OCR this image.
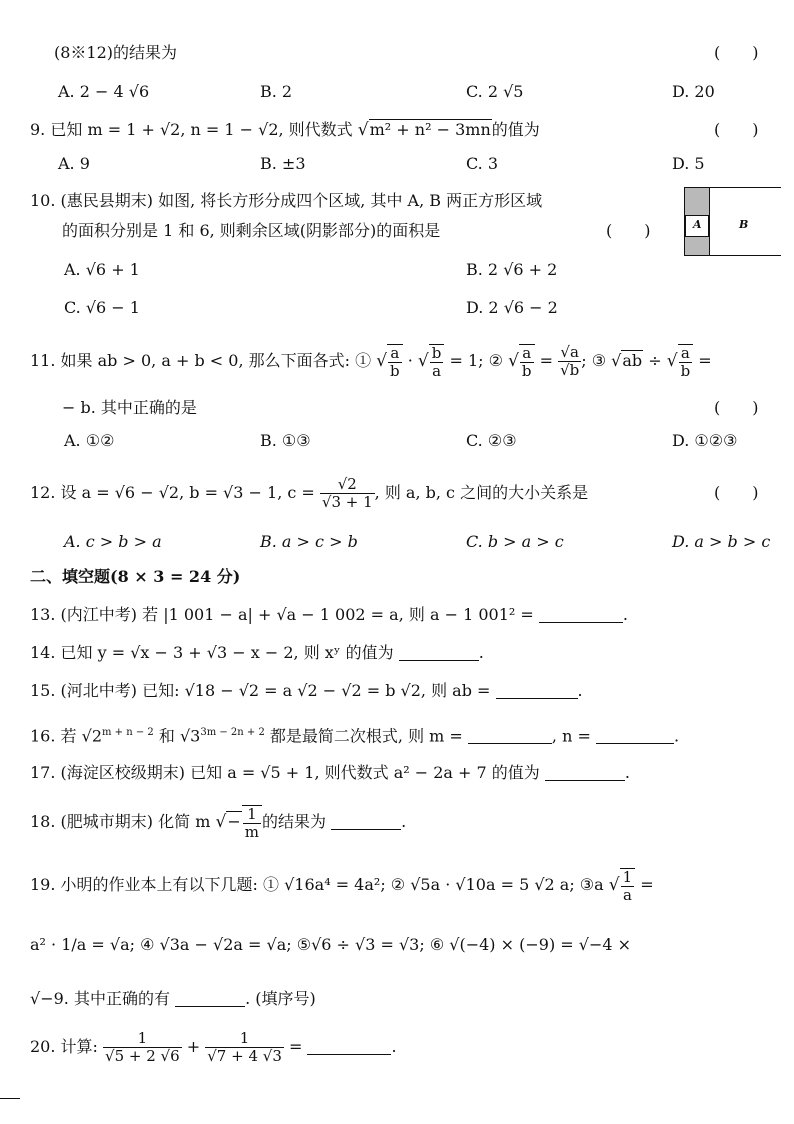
(8※12)的结果为	(  )
A. 2 − 4 √6	B. 2	C. 2 √5	D. 20
9. 已知 m = 1 + √2, n = 1 − √2, 则代数式 √m² + n² − 3mn的值为	(  )
A. 9	B. ±3	C. 3	D. 5
10. (惠民县期末) 如图, 将长方形分成四个区域, 其中 A, B 两正方形区域
的面积分别是 1 和 6, 则剩余区域(阴影部分)的面积是	(  )
A. √6 + 1	B. 2 √6 + 2
C. √6 − 1	D. 2 √6 − 2
A	B
11. 如果 ab > 0, a + b < 0, 那么下面各式: ① √ $\frac{a}{b}$ · √ $\frac{b}{a} = 1$; ② √ $\frac{a}{b} = \frac{√a}{√b}$ ; ③ √ab ÷ √ $\frac{a}{b}$ =
− b. 其中正确的是	(  )
A. ①②	B. ①③	C. ②③	D. ①②③
12. 设 a = √6 − √2, b = √3 − 1, $c = \frac{√2}{√3 + 1}$ , 则 a, b, c 之间的大小关系是	(  )
A. c > b > a	B. a > c > b	C. b > a > c	D. a > b > c
二、填空题(8 × 3 = 24 分)
13. (内江中考) 若 |1 001 − a| + √a − 1 002 = a, 则 a − 1 001² =	.
14. 已知 y = √x − 3 + √3 − x − 2, 则 xʸ 的值为	.
15. (河北中考) 已知: √18 − √2 = a √2 − √2 = b √2, 则 ab =	.
16. 若 $√2^{m + n - 2}$ 和 $√3^{3m - 2n + 2}$ 都是最简二次根式, 则 m =	, n =	.
17. (海淀区校级期末) 已知 a = √5 + 1, 则代数式 a² − 2a + 7 的值为	.
18. (肥城市期末) 化简 m √− $\frac{1}{m}$ 的结果为	.
19. 小明的作业本上有以下几题: ① √16a⁴ = 4a²; ② √5a · √10a = 5 √2 a; ③a √ $\frac{1}{a}$ =
a² · 1/a = √a; ④ √3a − √2a = √a; ⑤√6 ÷ √3 = √3; ⑥ √(−4) × (−9) = √−4 ×
√−9. 其中正确的有	. (填序号)
20. 计算: $\frac{1}{√5 + 2 √6} + \frac{1}{√7 + 4 √3}$ =	.
